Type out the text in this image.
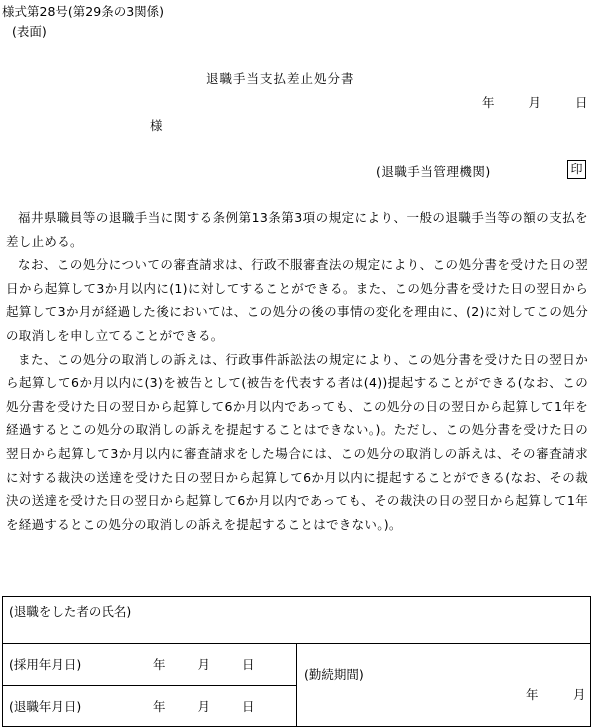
様式第28号(第29条の3関係)
(表面)
退職手当支払差止処分書
年	月	日
様
(退職手当管理機関)	印

福井県職員等の退職手当に関する条例第13条第3項の規定により、一般の退職手当等の額の支払を差し止める。

なお、この処分についての審査請求は、行政不服審査法の規定により、この処分書を受けた日の翌日から起算して3か月以内に(1)に対してすることができる。また、この処分書を受けた日の翌日から起算して3か月が経過した後においては、この処分の後の事情の変化を理由に、(2)に対してこの処分の取消しを申し立てることができる。

また、この処分の取消しの訴えは、行政事件訴訟法の規定により、この処分書を受けた日の翌日から起算して6か月以内に(3)を被告として(被告を代表する者は(4))提起することができる(なお、この処分書を受けた日の翌日から起算して6か月以内であっても、この処分の日の翌日から起算して1年を経過するとこの処分の取消しの訴えを提起することはできない。)。ただし、この処分書を受けた日の翌日から起算して3か月以内に審査請求をした場合には、この処分の取消しの訴えは、その審査請求に対する裁決の送達を受けた日の翌日から起算して6か月以内に提起することができる(なお、その裁決の送達を受けた日の翌日から起算して6か月以内であっても、その裁決の日の翌日から起算して1年を経過するとこの処分の取消しの訴えを提起することはできない。)。

(退職をした者の氏名)
(採用年月日)	年	月	日
(退職年月日)	年	月	日
(勤続期間)
年	月
